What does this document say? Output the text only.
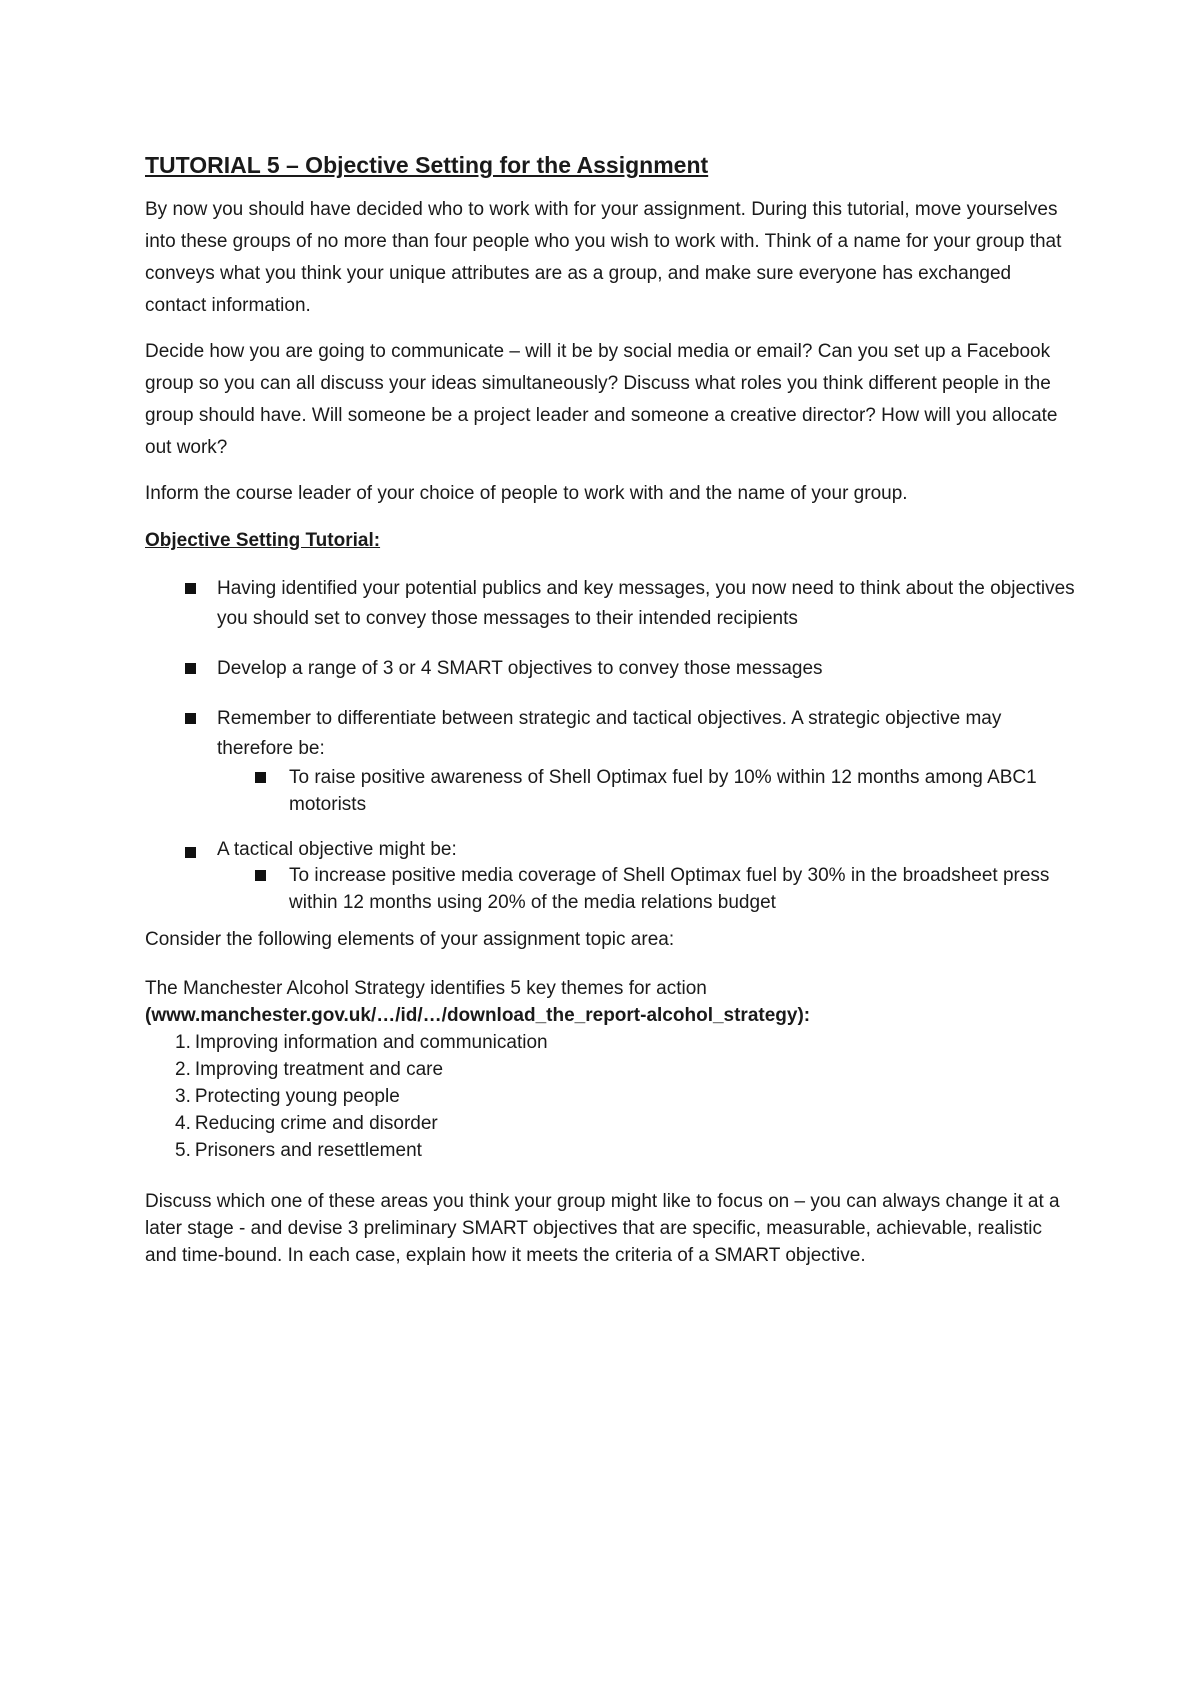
TUTORIAL 5 – Objective Setting for the Assignment

By now you should have decided who to work with for your assignment. During this tutorial, move yourselves into these groups of no more than four people who you wish to work with. Think of a name for your group that conveys what you think your unique attributes are as a group, and make sure everyone has exchanged contact information.

Decide how you are going to communicate – will it be by social media or email? Can you set up a Facebook group so you can all discuss your ideas simultaneously? Discuss what roles you think different people in the group should have. Will someone be a project leader and someone a creative director? How will you allocate out work?

Inform the course leader of your choice of people to work with and the name of your group.

Objective Setting Tutorial:
Having identified your potential publics and key messages, you now need to think about the objectives you should set to convey those messages to their intended recipients
Develop a range of 3 or 4 SMART objectives to convey those messages
Remember to differentiate between strategic and tactical objectives. A strategic objective may therefore be:
To raise positive awareness of Shell Optimax fuel by 10% within 12 months among ABC1 motorists
A tactical objective might be:
To increase positive media coverage of Shell Optimax fuel by 30% in the broadsheet press within 12 months using 20% of the media relations budget

Consider the following elements of your assignment topic area:

The Manchester Alcohol Strategy identifies 5 key themes for action
(www.manchester.gov.uk/…/id/…/download_the_report-alcohol_strategy):

1. Improving information and communication
2. Improving treatment and care
3. Protecting young people
4. Reducing crime and disorder
5. Prisoners and resettlement

Discuss which one of these areas you think your group might like to focus on – you can always change it at a later stage - and devise 3 preliminary SMART objectives that are specific, measurable, achievable, realistic and time-bound. In each case, explain how it meets the criteria of a SMART objective.
